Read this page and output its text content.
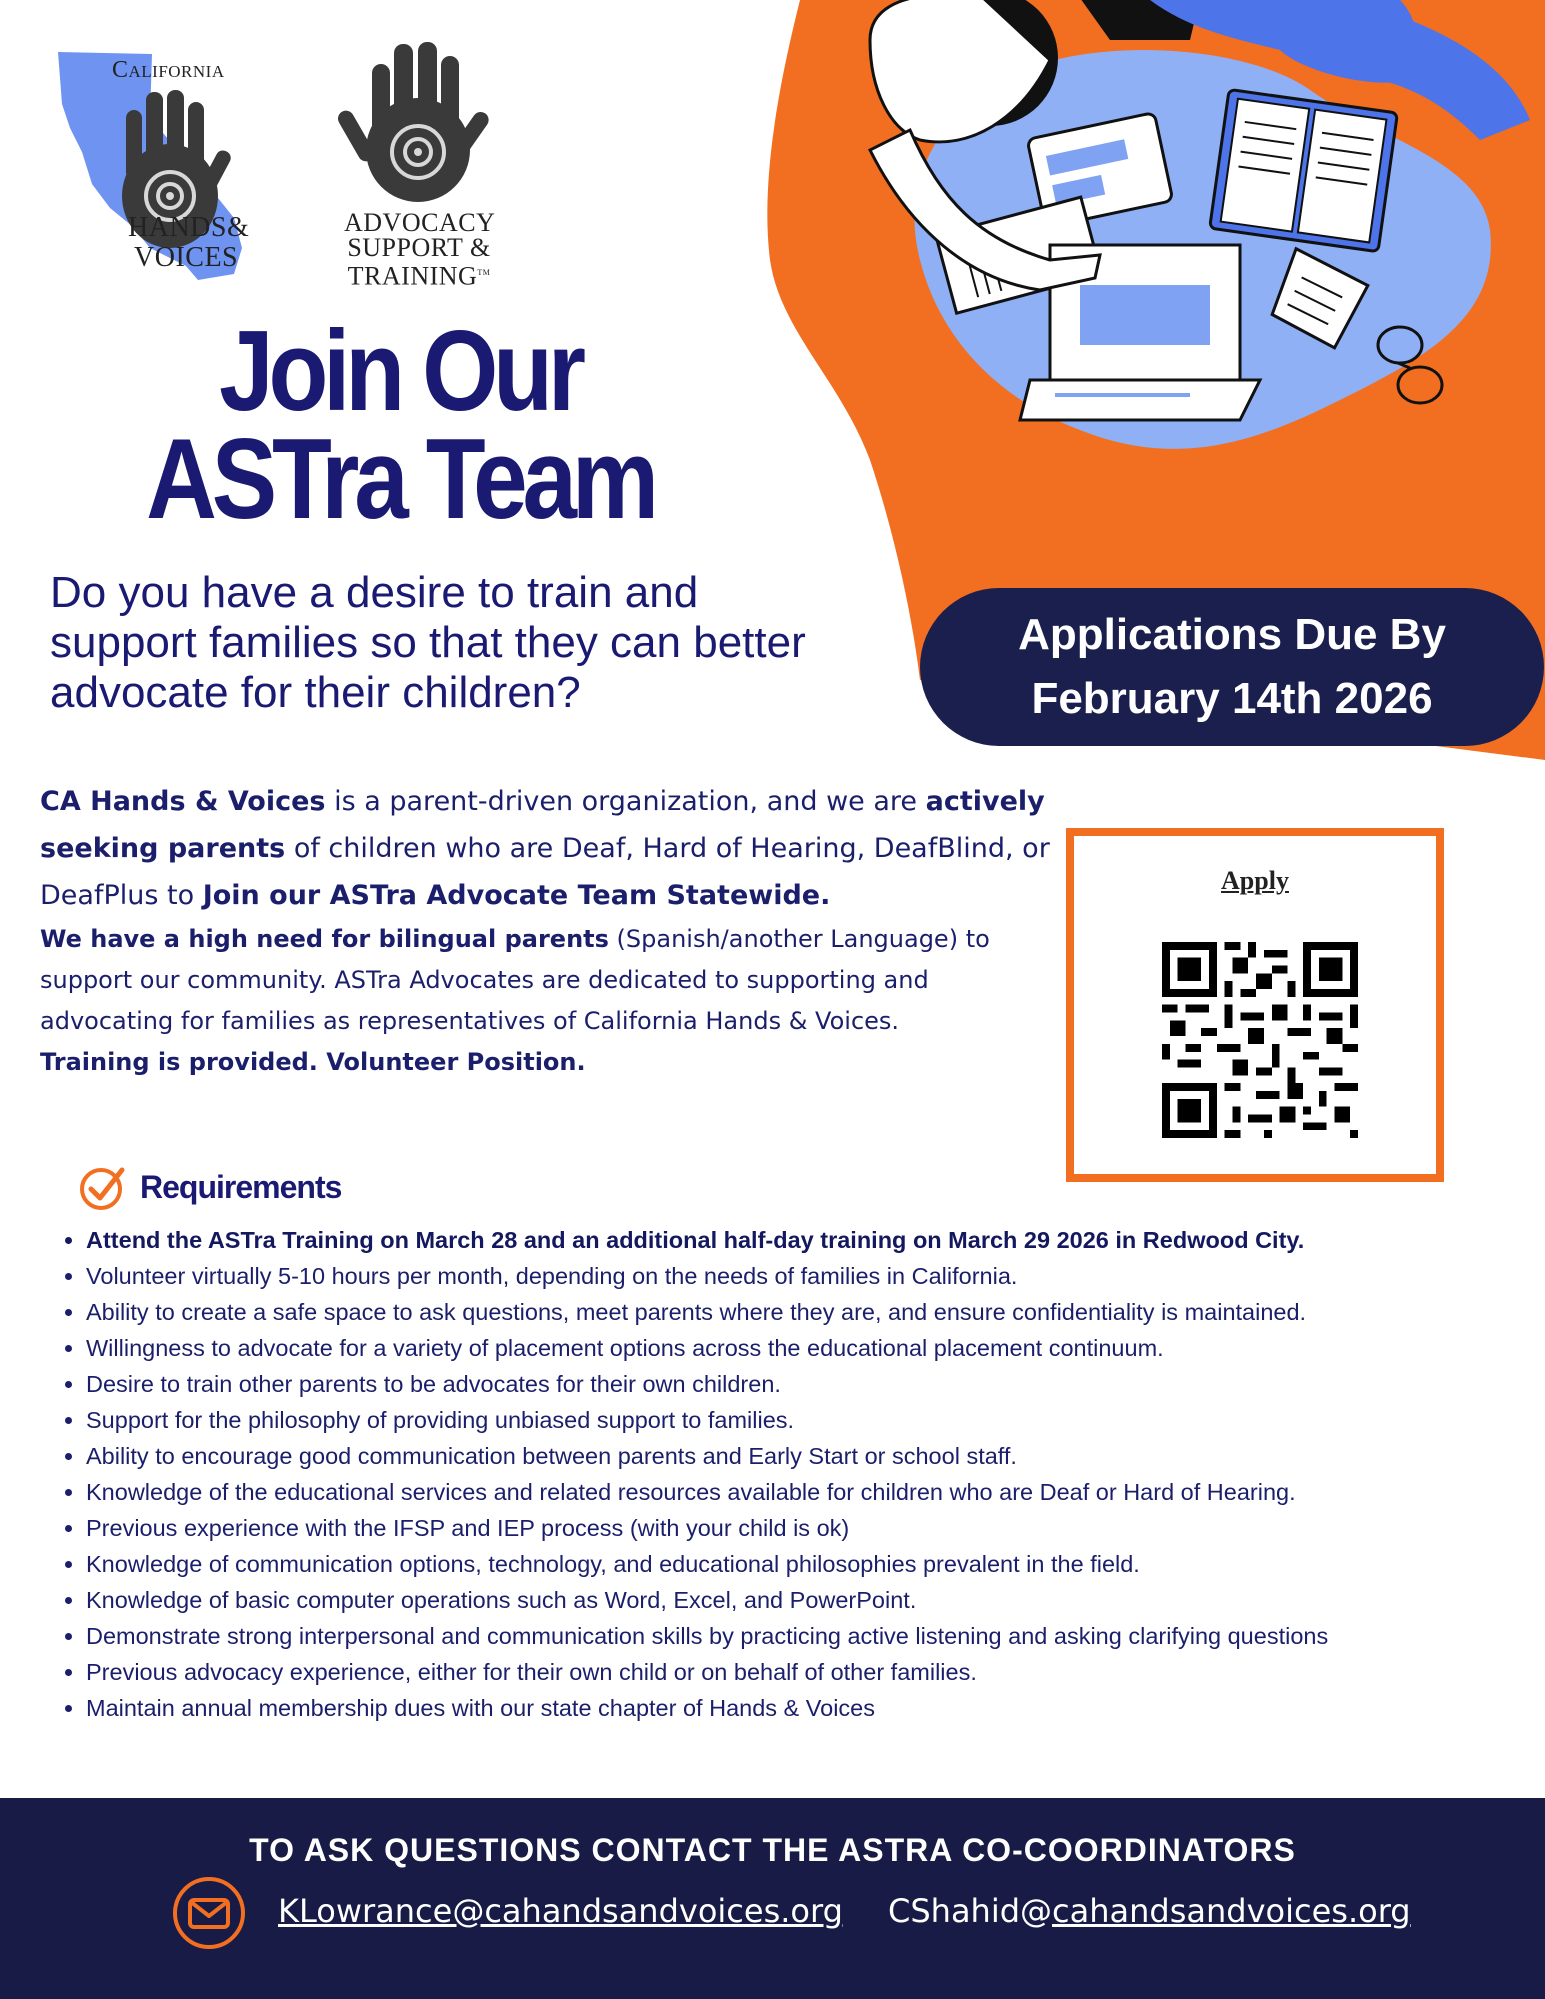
California
HANDS&
VOICES
ADVOCACY
SUPPORT &
TRAINING™
Join Our
ASTra Team
Do you have a desire to train and support families so that they can better advocate for their children?
Applications Due By
February 14th 2026
CA Hands & Voices is a parent-driven organization, and we are actively seeking parents of children who are Deaf, Hard of Hearing, DeafBlind, or DeafPlus to Join our ASTra Advocate Team Statewide.
We have a high need for bilingual parents (Spanish/another Language) to support our community. ASTra Advocates are dedicated to supporting and advocating for families as representatives of California Hands & Voices.
Training is provided. Volunteer Position.
Apply
Requirements
• Attend the ASTra Training on March 28 and an additional half-day training on March 29 2026 in Redwood City.
• Volunteer virtually 5-10 hours per month, depending on the needs of families in California.
• Ability to create a safe space to ask questions, meet parents where they are, and ensure confidentiality is maintained.
• Willingness to advocate for a variety of placement options across the educational placement continuum.
• Desire to train other parents to be advocates for their own children.
• Support for the philosophy of providing unbiased support to families.
• Ability to encourage good communication between parents and Early Start or school staff.
• Knowledge of the educational services and related resources available for children who are Deaf or Hard of Hearing.
• Previous experience with the IFSP and IEP process (with your child is ok)
• Knowledge of communication options, technology, and educational philosophies prevalent in the field.
• Knowledge of basic computer operations such as Word, Excel, and PowerPoint.
• Demonstrate strong interpersonal and communication skills by practicing active listening and asking clarifying questions
• Previous advocacy experience, either for their own child or on behalf of other families.
• Maintain annual membership dues with our state chapter of Hands & Voices
TO ASK QUESTIONS CONTACT THE ASTRA CO-COORDINATORS
KLowrance@cahandsandvoices.org CShahid@cahandsandvoices.org
